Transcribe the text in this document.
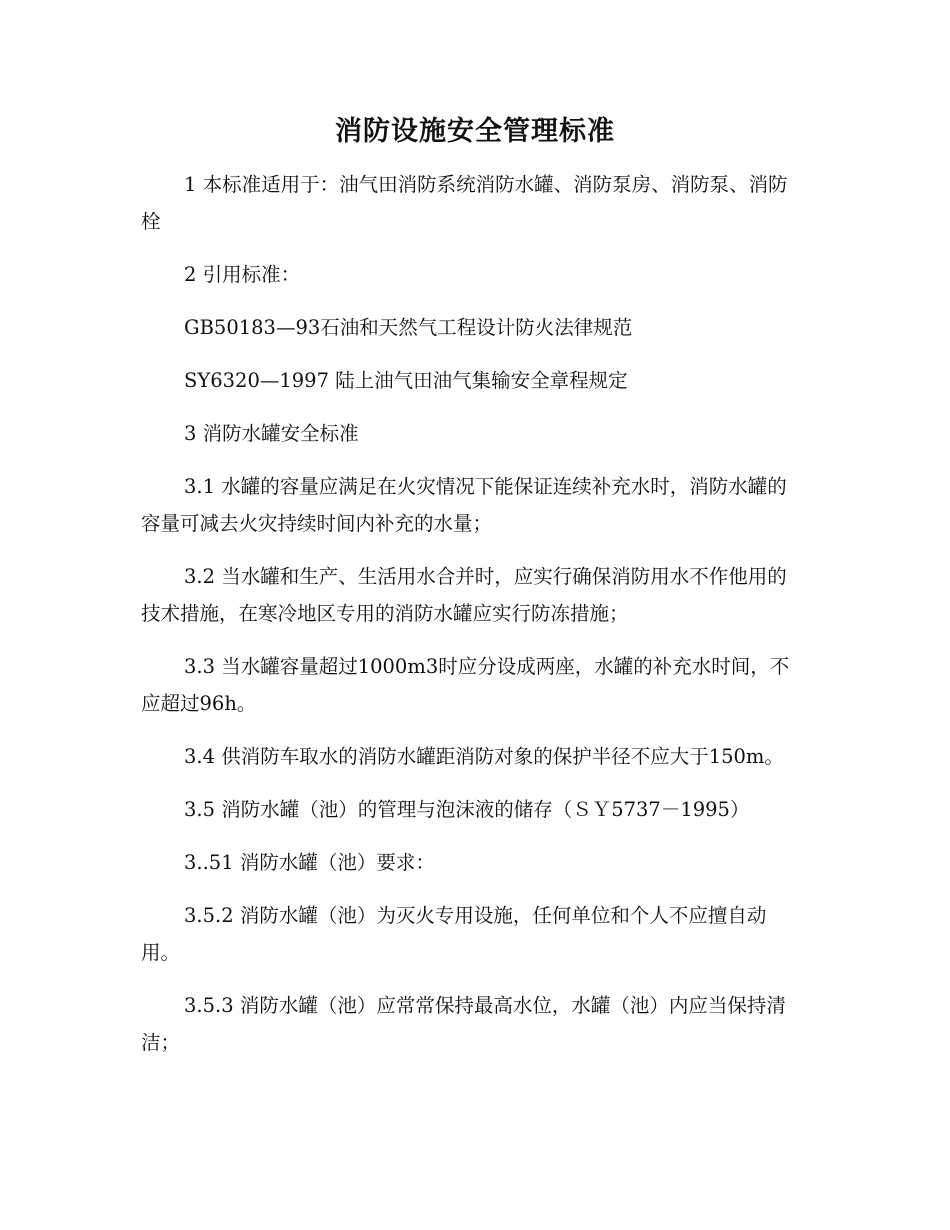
消防设施安全管理标准

1 本标准适用于：油气田消防系统消防水罐、消防泵房、消防泵、消防栓

2 引用标准：

GB50183—93石油和天然气工程设计防火法律规范

SY6320—1997 陆上油气田油气集输安全章程规定

3 消防水罐安全标准

3.1 水罐的容量应满足在火灾情况下能保证连续补充水时，消防水罐的容量可减去火灾持续时间内补充的水量；

3.2 当水罐和生产、生活用水合并时，应实行确保消防用水不作他用的技术措施，在寒冷地区专用的消防水罐应实行防冻措施；

3.3 当水罐容量超过1000m3时应分设成两座，水罐的补充水时间，不应超过96h。

3.4 供消防车取水的消防水罐距消防对象的保护半径不应大于150m。

3.5 消防水罐（池）的管理与泡沫液的储存（ＳＹ5737－1995）

3..51 消防水罐（池）要求：

3.5.2 消防水罐（池）为灭火专用设施，任何单位和个人不应擅自动用。

3.5.3 消防水罐（池）应常常保持最高水位，水罐（池）内应当保持清洁；
